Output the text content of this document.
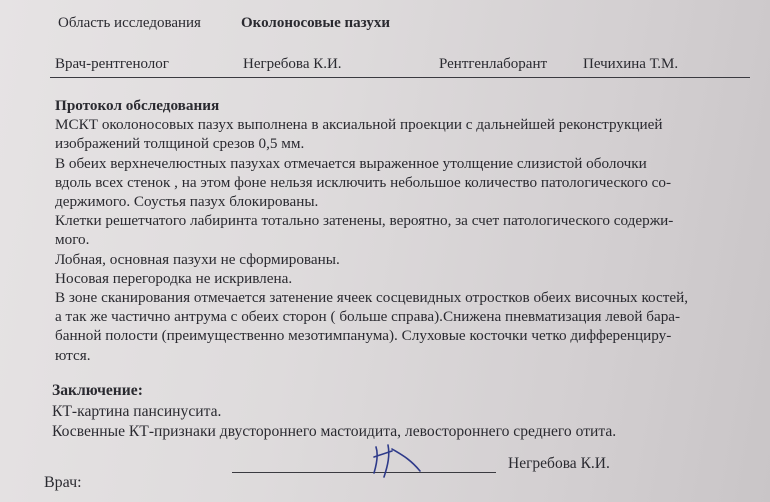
Область исследования	Околоносовые пазухи
Врач-рентгенолог	Негребова К.И.	Рентгенлаборант Печихина Т.М.
Протокол обследования
МСКТ околоносовых пазух выполнена в аксиальной проекции с дальнейшей реконструкцией
изображений толщиной срезов 0,5 мм.
В обеих верхнечелюстных пазухах отмечается выраженное утолщение слизистой оболочки
вдоль всех стенок , на этом фоне нельзя исключить небольшое количество патологического со-
держимого. Соустья пазух блокированы.
Клетки решетчатого лабиринта тотально затенены, вероятно, за счет патологического содержи-
мого.
Лобная, основная пазухи не сформированы.
Носовая перегородка не искривлена.
В зоне сканирования отмечается затенение ячеек сосцевидных отростков обеих височных костей,
а так же частично антрума с обеих сторон ( больше справа).Снижена пневматизация левой бара-
банной полости (преимущественно мезотимпанума). Слуховые косточки четко дифференциру-
ются.
Заключение:
КТ-картина пансинусита.
Косвенные КТ-признаки двустороннего мастоидита, левостороннего среднего отита.
Врач:
Негребова К.И.
